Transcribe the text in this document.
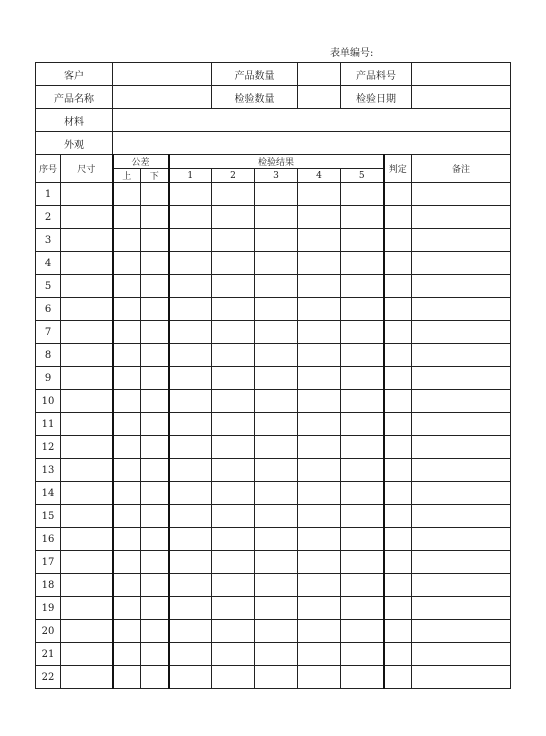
表单编号:
客户					产品数量			产品料号		
产品名称					检验数量			检验日期		
材料										
外观										
序号	尺寸	公差		检验结果					判定	备注
		上	下	1	2	3	4	5		
1										
2										
3										
4										
5										
6										
7										
8										
9										
10										
11										
12										
13										
14										
15										
16										
17										
18										
19										
20										
21										
22										
